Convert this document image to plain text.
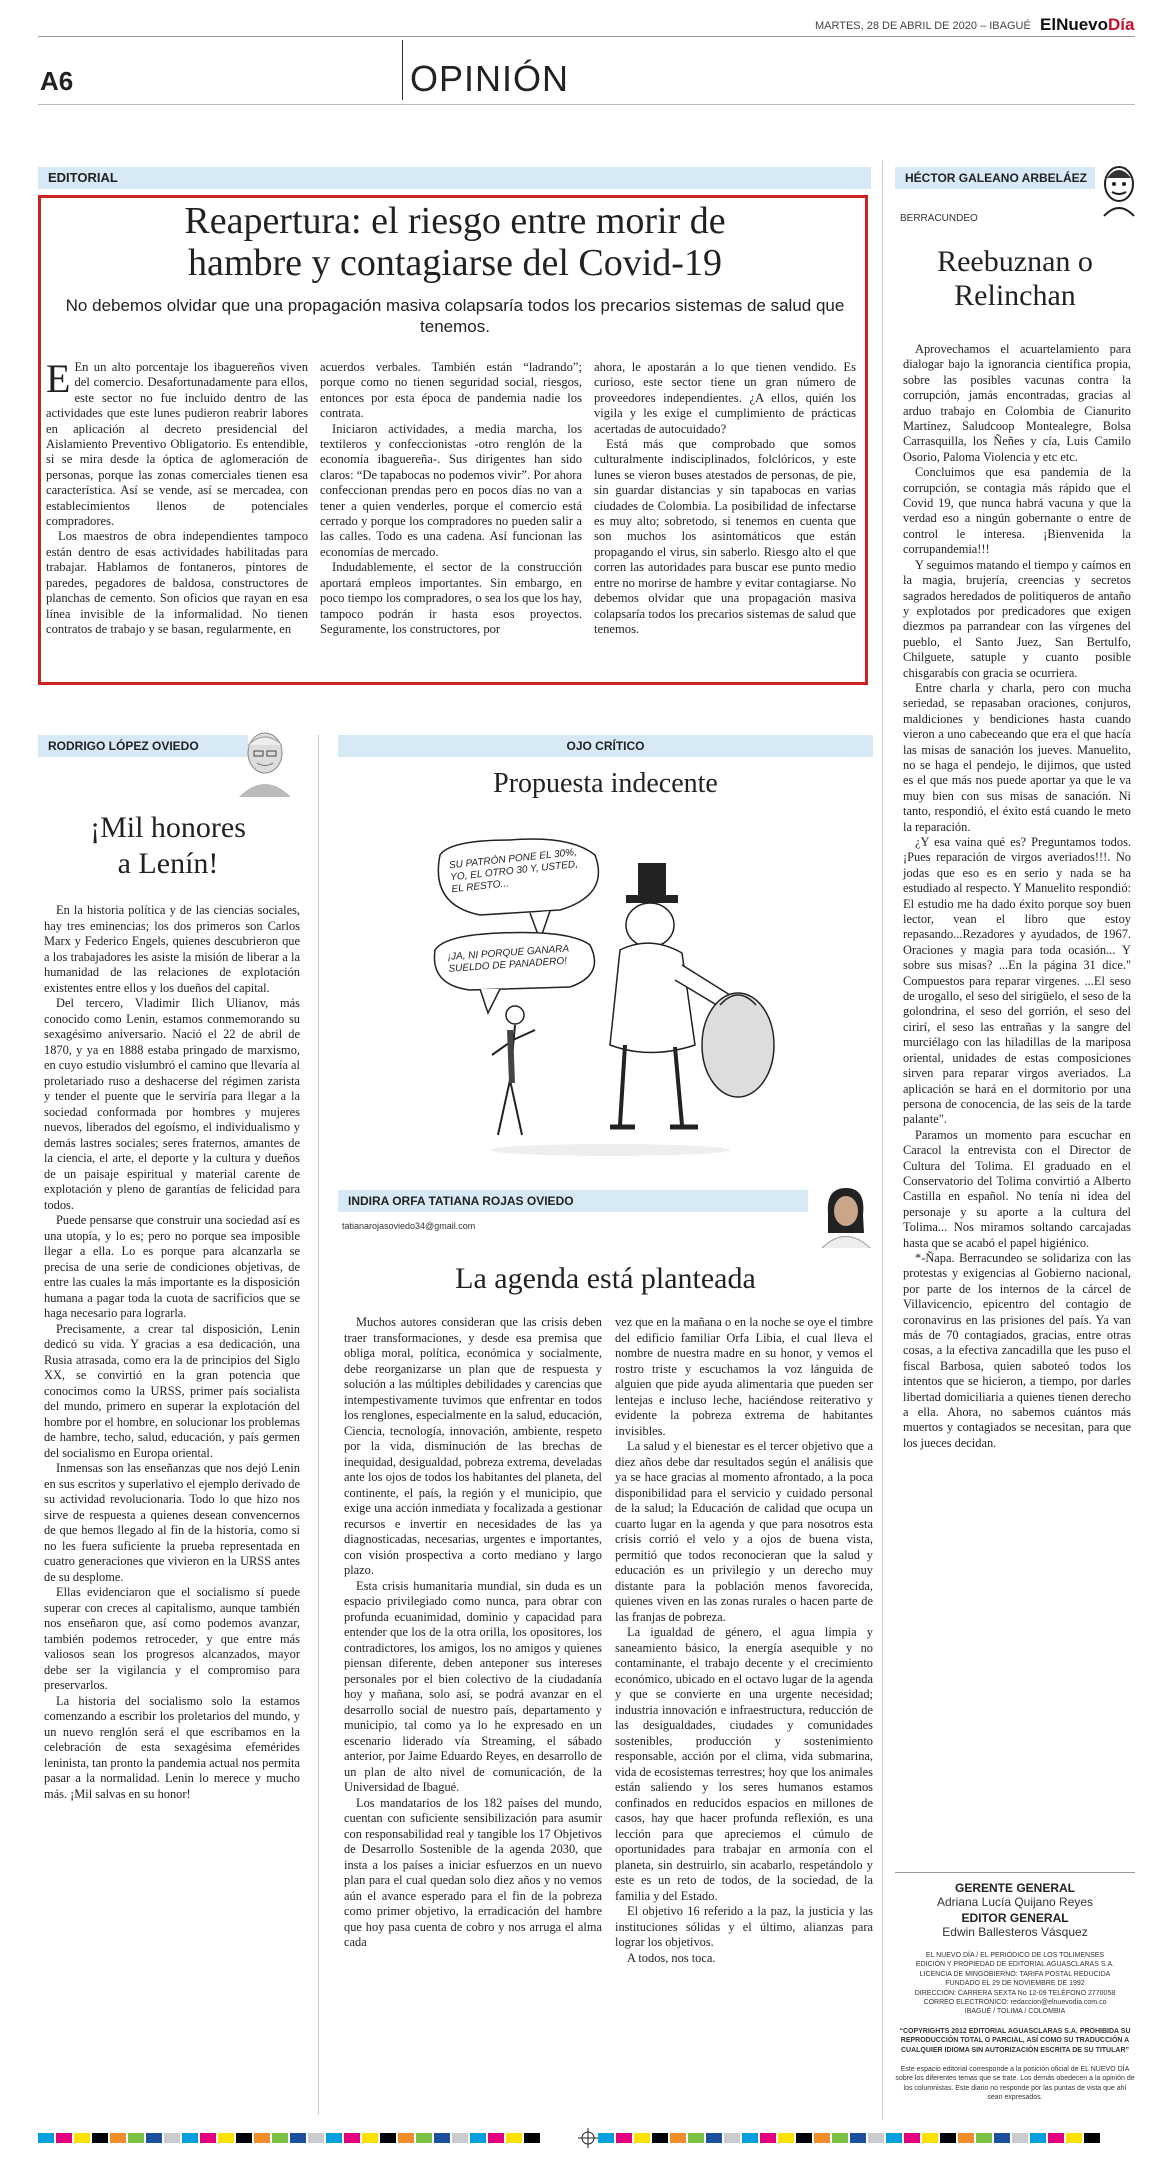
MARTES, 28 DE ABRIL DE 2020 – IBAGUÉ ElNuevoDía
A6	OPINIÓN
EDITORIAL
Reapertura: el riesgo entre morir de
hambre y contagiarse del Covid-19
No debemos olvidar que una propagación masiva colapsaría todos los precarios sistemas de salud que tenemos.

E En un alto porcentaje los ibaguereños viven del comercio. Desafortunadamente para ellos, este sector no fue incluido dentro de las actividades que este lunes pudieron reabrir labores en aplicación al decreto presidencial del Aislamiento Preventivo Obligatorio. Es entendible, si se mira desde la óptica de aglomeración de personas, porque las zonas comerciales tienen esa característica. Así se vende, así se mercadea, con establecimientos llenos de potenciales compradores.

Los maestros de obra independientes tampoco están dentro de esas actividades habilitadas para trabajar. Hablamos de fontaneros, pintores de paredes, pegadores de baldosa, constructores de planchas de cemento. Son oficios que rayan en esa línea invisible de la informalidad. No tienen contratos de trabajo y se basan, regularmente, en

acuerdos verbales. También están “ladrando”; porque como no tienen seguridad social, riesgos, entonces por esta época de pandemia nadie los contrata.

Iniciaron actividades, a media marcha, los textileros y confeccionistas -otro renglón de la economía ibaguereña-. Sus dirigentes han sido claros: “De tapabocas no podemos vivir”. Por ahora confeccionan prendas pero en pocos días no van a tener a quien venderles, porque el comercio está cerrado y porque los compradores no pueden salir a las calles. Todo es una cadena. Así funcionan las economías de mercado.

Indudablemente, el sector de la construcción aportará empleos importantes. Sin embargo, en poco tiempo los compradores, o sea los que los hay, tampoco podrán ir hasta esos proyectos. Seguramente, los constructores, por

ahora, le apostarán a lo que tienen vendido. Es curioso, este sector tiene un gran número de proveedores independientes. ¿A ellos, quién los vigila y les exige el cumplimiento de prácticas acertadas de autocuidado?

Está más que comprobado que somos culturalmente indisciplinados, folclóricos, y este lunes se vieron buses atestados de personas, de pie, sin guardar distancias y sin tapabocas en varias ciudades de Colombia. La posibilidad de infectarse es muy alto; sobretodo, si tenemos en cuenta que son muchos los asintomáticos que están propagando el virus, sin saberlo. Riesgo alto el que corren las autoridades para buscar ese punto medio entre no morirse de hambre y evitar contagiarse. No debemos olvidar que una propagación masiva colapsaría todos los precarios sistemas de salud que tenemos.

HÉCTOR GALEANO ARBELÁEZ
BERRACUNDEO
Reebuznan o
Relinchan

Aprovechamos el acuartelamiento para dialogar bajo la ignorancia científica propia, sobre las posibles vacunas contra la corrupción, jamás encontradas, gracias al arduo trabajo en Colombia de Cianurito Martínez, Saludcoop Montealegre, Bolsa Carrasquilla, los Ñeñes y cía, Luis Camilo Osorio, Paloma Violencia y etc etc.

Concluimos que esa pandemia de la corrupción, se contagia más rápido que el Covid 19, que nunca habrá vacuna y que la verdad eso a ningún gobernante o entre de control le interesa. ¡Bienvenida la corrupandemia!!!

Y seguimos matando el tiempo y caímos en la magia, brujería, creencias y secretos sagrados heredados de politiqueros de antaño y explotados por predicadores que exigen diezmos pa parrandear con las vírgenes del pueblo, el Santo Juez, San Bertulfo, Chilguete, satuple y cuanto posible chisgarabís con gracia se ocurriera.

Entre charla y charla, pero con mucha seriedad, se repasaban oraciones, conjuros, maldiciones y bendiciones hasta cuando vieron a uno cabeceando que era el que hacía las misas de sanación los jueves. Manuelito, no se haga el pendejo, le dijimos, que usted es el que más nos puede aportar ya que le va muy bien con sus misas de sanación. Ni tanto, respondió, el éxito está cuando le meto la reparación.

¿Y esa vaina qué es? Preguntamos todos. ¡Pues reparación de virgos averiados!!!. No jodas que eso es en serio y nada se ha estudiado al respecto. Y Manuelito respondió: El estudio me ha dado éxito porque soy buen lector, vean el libro que estoy repasando...Rezadores y ayudados, de 1967. Oraciones y magia para toda ocasión... Y sobre sus misas? ...En la página 31 dice." Compuestos para reparar virgenes. ...El seso de urogallo, el seso del sirigüelo, el seso de la golondrina, el seso del gorrión, el seso del cirirí, el seso las entrañas y la sangre del murciélago con las hiladillas de la mariposa oriental, unidades de estas composiciones sirven para reparar virgos averiados. La aplicación se hará en el dormitorio por una persona de conocencia, de las seis de la tarde palante".

Paramos un momento para escuchar en Caracol la entrevista con el Director de Cultura del Tolima. El graduado en el Conservatorio del Tolima convirtió a Alberto Castilla en español. No tenía ni idea del personaje y su aporte a la cultura del Tolima... Nos miramos soltando carcajadas hasta que se acabó el papel higiénico.

*-Ñapa. Berracundeo se solidariza con las protestas y exigencias al Gobierno nacional, por parte de los internos de la cárcel de Villavicencio, epicentro del contagio de coronavirus en las prisiones del país. Ya van más de 70 contagiados, gracias, entre otras cosas, a la efectiva zancadilla que les puso el fiscal Barbosa, quien saboteó todos los intentos que se hicieron, a tiempo, por darles libertad domiciliaria a quienes tienen derecho a ella. Ahora, no sabemos cuántos más muertos y contagiados se necesitan, para que los jueces decidan.

GERENTE GENERAL
Adriana Lucía Quijano Reyes
EDITOR GENERAL
Edwin Ballesteros Vásquez
EL NUEVO DÍA / EL PERIÓDICO DE LOS TOLIMENSES
EDICIÓN Y PROPIEDAD DE EDITORIAL AGUASCLARAS S.A.
LICENCIA DE MINGOBIERNO: TARIFA POSTAL REDUCIDA
FUNDADO EL 29 DE NOVIEMBRE DE 1992
DIRECCIÓN: CARRERA SEXTA No 12-09 TELÉFONO 2770058
CORREO ELECTRÓNICO: redaccion@elnuevodia.com.co
IBAGUÉ / TOLIMA / COLOMBIA
“COPYRIGHTS 2012 EDITORIAL AGUASCLARAS S.A. PROHIBIDA SU REPRODUCCIÓN TOTAL O PARCIAL, ASÍ COMO SU TRADUCCIÓN A CUALQUIER IDIOMA SIN AUTORIZACIÓN ESCRITA DE SU TITULAR”
Este espacio editorial corresponde a la posición oficial de EL NUEVO DÍA sobre los diferentes temas que se trate. Los demás obedecen a la opinión de los columnistas. Este diario no responde por las puntas de vista que ahí sean expresados.
RODRIGO LÓPEZ OVIEDO
¡Mil honores
a Lenín!

En la historia política y de las ciencias sociales, hay tres eminencias; los dos primeros son Carlos Marx y Federico Engels, quienes descubrieron que a los trabajadores les asiste la misión de liberar a la humanidad de las relaciones de explotación existentes entre ellos y los dueños del capital.

Del tercero, Vladimir Ilich Ulianov, más conocido como Lenin, estamos conmemorando su sexagésimo aniversario. Nació el 22 de abril de 1870, y ya en 1888 estaba pringado de marxismo, en cuyo estudio vislumbró el camino que llevaría al proletariado ruso a deshacerse del régimen zarista y tender el puente que le serviría para llegar a la sociedad conformada por hombres y mujeres nuevos, liberados del egoísmo, el individualismo y demás lastres sociales; seres fraternos, amantes de la ciencia, el arte, el deporte y la cultura y dueños de un paisaje espiritual y material carente de explotación y pleno de garantías de felicidad para todos.

Puede pensarse que construir una sociedad así es una utopía, y lo es; pero no porque sea imposible llegar a ella. Lo es porque para alcanzarla se precisa de una serie de condiciones objetivas, de entre las cuales la más importante es la disposición humana a pagar toda la cuota de sacrificios que se haga necesario para lograrla.

Precisamente, a crear tal disposición, Lenin dedicó su vida. Y gracias a esa dedicación, una Rusia atrasada, como era la de principios del Siglo XX, se convirtió en la gran potencia que conocimos como la URSS, primer país socialista del mundo, primero en superar la explotación del hombre por el hombre, en solucionar los problemas de hambre, techo, salud, educación, y país germen del socialismo en Europa oriental.

Inmensas son las enseñanzas que nos dejó Lenin en sus escritos y superlativo el ejemplo derivado de su actividad revolucionaria. Todo lo que hizo nos sirve de respuesta a quienes desean convencernos de que hemos llegado al fin de la historia, como si no les fuera suficiente la prueba representada en cuatro generaciones que vivieron en la URSS antes de su desplome.

Ellas evidenciaron que el socialismo sí puede superar con creces al capitalismo, aunque también nos enseñaron que, así como podemos avanzar, también podemos retroceder, y que entre más valiosos sean los progresos alcanzados, mayor debe ser la vigilancia y el compromiso para preservarlos.

La historia del socialismo solo la estamos comenzando a escribir los proletarios del mundo, y un nuevo renglón será el que escribamos en la celebración de esta sexagésima efemérides leninista, tan pronto la pandemia actual nos permita pasar a la normalidad. Lenin lo merece y mucho más. ¡Mil salvas en su honor!

OJO CRÍTICO
Propuesta indecente
SU PATRÓN PONE EL 30%, YO, EL OTRO 30 Y, USTED, EL RESTO...
¡JA, NI PORQUE GANARA SUELDO DE PANADERO!
INDIRA ORFA TATIANA ROJAS OVIEDO
tatianarojasoviedo34@gmail.com
La agenda está planteada

Muchos autores consideran que las crisis deben traer transformaciones, y desde esa premisa que obliga moral, política, económica y socialmente, debe reorganizarse un plan que de respuesta y solución a las múltiples debilidades y carencias que intempestivamente tuvimos que enfrentar en todos los renglones, especialmente en la salud, educación, Ciencia, tecnología, innovación, ambiente, respeto por la vida, disminución de las brechas de inequidad, desigualdad, pobreza extrema, develadas ante los ojos de todos los habitantes del planeta, del continente, el país, la región y el municipio, que exige una acción inmediata y focalizada a gestionar recursos e invertir en necesidades de las ya diagnosticadas, necesarias, urgentes e importantes, con visión prospectiva a corto mediano y largo plazo.

Esta crisis humanitaria mundial, sin duda es un espacio privilegiado como nunca, para obrar con profunda ecuanimidad, dominio y capacidad para entender que los de la otra orilla, los opositores, los contradictores, los amigos, los no amigos y quienes piensan diferente, deben anteponer sus intereses personales por el bien colectivo de la ciudadanía hoy y mañana, solo así, se podrá avanzar en el desarrollo social de nuestro país, departamento y municipio, tal como ya lo he expresado en un escenario liderado vía Streaming, el sábado anterior, por Jaime Eduardo Reyes, en desarrollo de un plan de alto nivel de comunicación, de la Universidad de Ibagué.

Los mandatarios de los 182 países del mundo, cuentan con suficiente sensibilización para asumir con responsabilidad real y tangible los 17 Objetivos de Desarrollo Sostenible de la agenda 2030, que insta a los países a iniciar esfuerzos en un nuevo plan para el cual quedan solo diez años y no vemos aún el avance esperado para el fin de la pobreza como primer objetivo, la erradicación del hambre que hoy pasa cuenta de cobro y nos arruga el alma cada

vez que en la mañana o en la noche se oye el timbre del edificio familiar Orfa Libia, el cual lleva el nombre de nuestra madre en su honor, y vemos el rostro triste y escuchamos la voz lánguida de alguien que pide ayuda alimentaria que pueden ser lentejas e incluso leche, haciéndose reiterativo y evidente la pobreza extrema de habitantes invisibles.

La salud y el bienestar es el tercer objetivo que a diez años debe dar resultados según el análisis que ya se hace gracias al momento afrontado, a la poca disponibilidad para el servicio y cuidado personal de la salud; la Educación de calidad que ocupa un cuarto lugar en la agenda y que para nosotros esta crisis corrió el velo y a ojos de buena vista, permitió que todos reconocieran que la salud y educación es un privilegio y un derecho muy distante para la población menos favorecida, quienes viven en las zonas rurales o hacen parte de las franjas de pobreza.

La igualdad de género, el agua limpia y saneamiento básico, la energía asequible y no contaminante, el trabajo decente y el crecimiento económico, ubicado en el octavo lugar de la agenda y que se convierte en una urgente necesidad; industria innovación e infraestructura, reducción de las desigualdades, ciudades y comunidades sostenibles, producción y sostenimiento responsable, acción por el clima, vida submarina, vida de ecosistemas terrestres; hoy que los animales están saliendo y los seres humanos estamos confinados en reducidos espacios en millones de casos, hay que hacer profunda reflexión, es una lección para que apreciemos el cúmulo de oportunidades para trabajar en armonía con el planeta, sin destruirlo, sin acabarlo, respetándolo y este es un reto de todos, de la sociedad, de la familia y del Estado.

El objetivo 16 referido a la paz, la justicia y las instituciones sólidas y el último, alianzas para lograr los objetivos.

A todos, nos toca.
